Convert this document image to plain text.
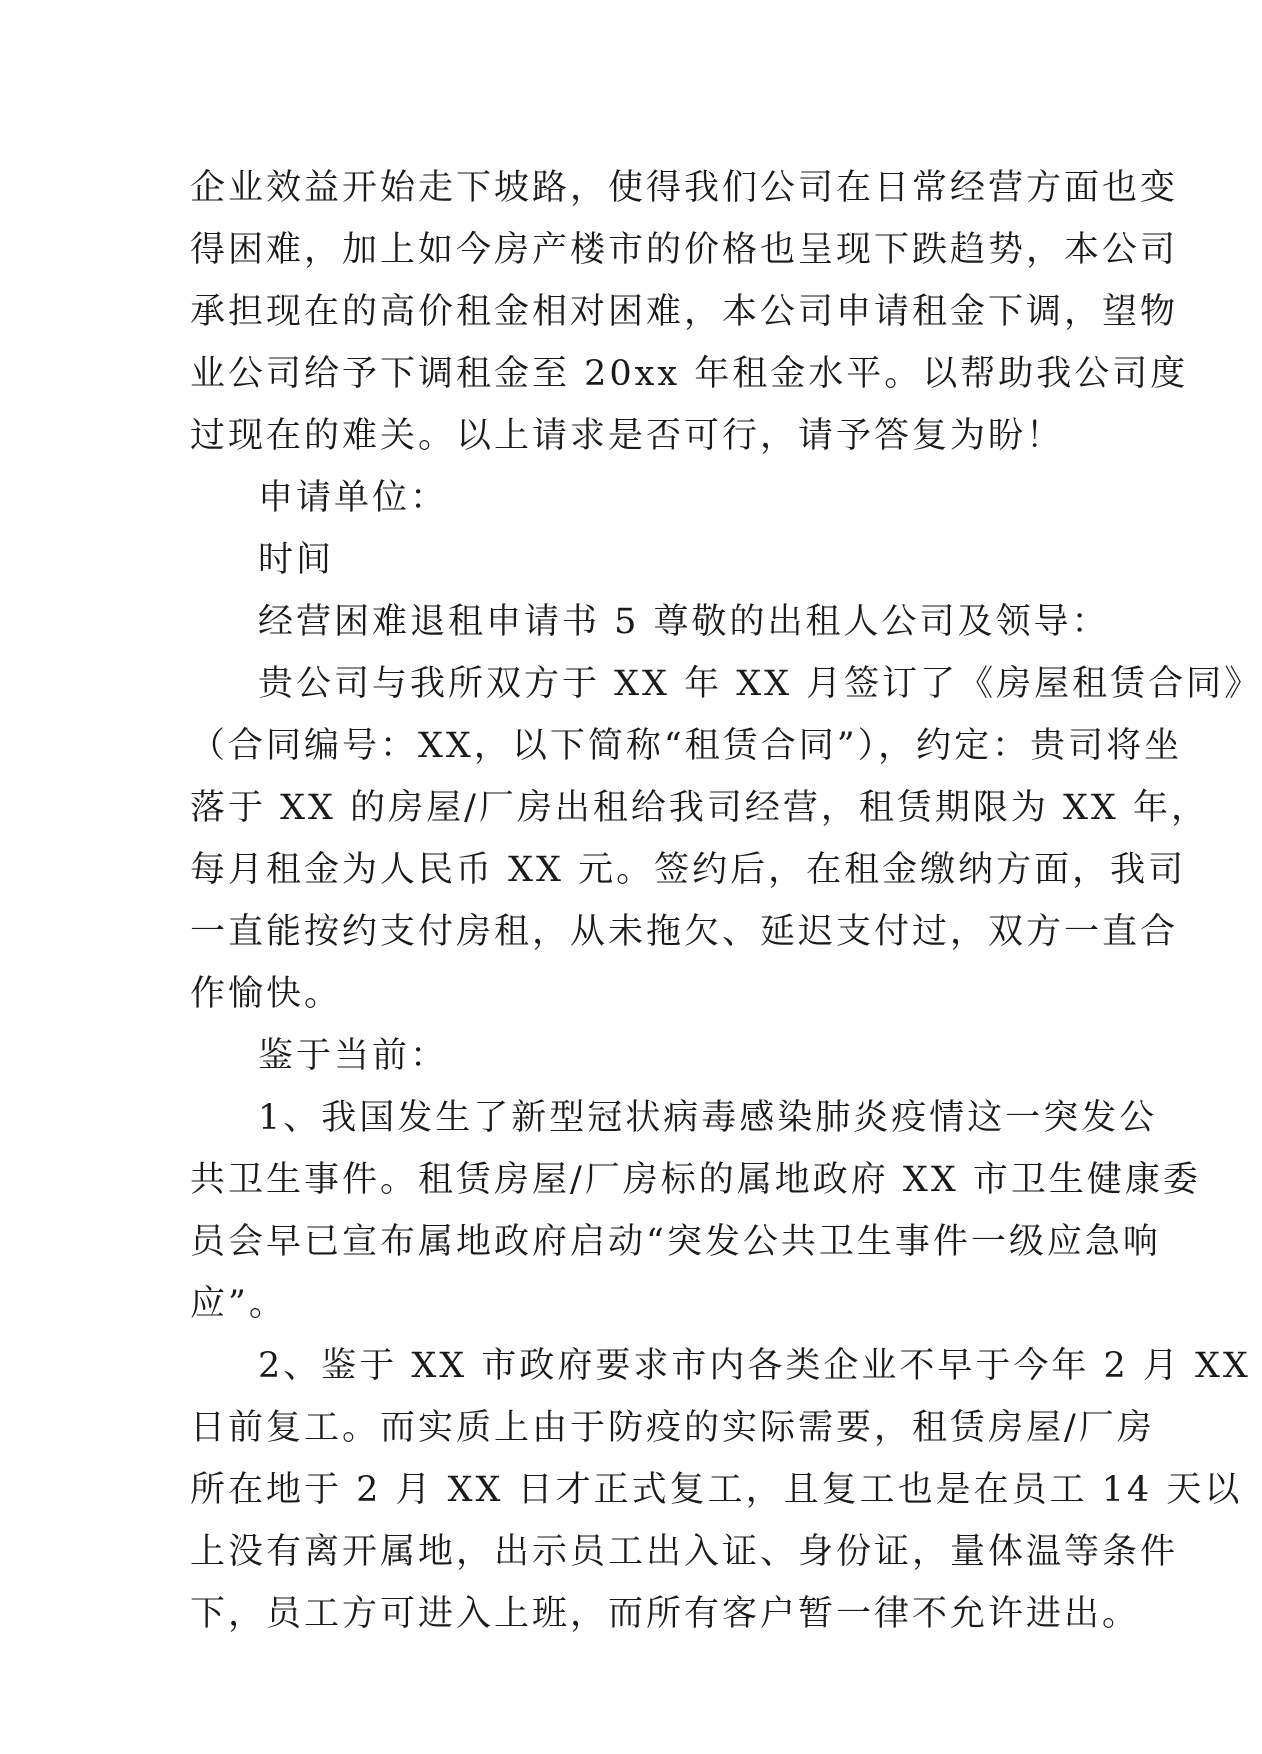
企业效益开始走下坡路，使得我们公司在日常经营方面也变
得困难，加上如今房产楼市的价格也呈现下跌趋势，本公司
承担现在的高价租金相对困难，本公司申请租金下调，望物
业公司给予下调租金至 20xx 年租金水平。以帮助我公司度
过现在的难关。以上请求是否可行，请予答复为盼！
申请单位：
时间
经营困难退租申请书 5 尊敬的出租人公司及领导：
贵公司与我所双方于 XX 年 XX 月签订了《房屋租赁合同》
（合同编号：XX，以下简称“租赁合同”），约定：贵司将坐
落于 XX 的房屋/厂房出租给我司经营，租赁期限为 XX 年，
每月租金为人民币 XX 元。签约后，在租金缴纳方面，我司
一直能按约支付房租，从未拖欠、延迟支付过，双方一直合
作愉快。
鉴于当前：
1、我国发生了新型冠状病毒感染肺炎疫情这一突发公
共卫生事件。租赁房屋/厂房标的属地政府 XX 市卫生健康委
员会早已宣布属地政府启动“突发公共卫生事件一级应急响
应”。
2、鉴于 XX 市政府要求市内各类企业不早于今年 2 月 XX
日前复工。而实质上由于防疫的实际需要，租赁房屋/厂房
所在地于 2 月 XX 日才正式复工，且复工也是在员工 14 天以
上没有离开属地，出示员工出入证、身份证，量体温等条件
下，员工方可进入上班，而所有客户暂一律不允许进出。
